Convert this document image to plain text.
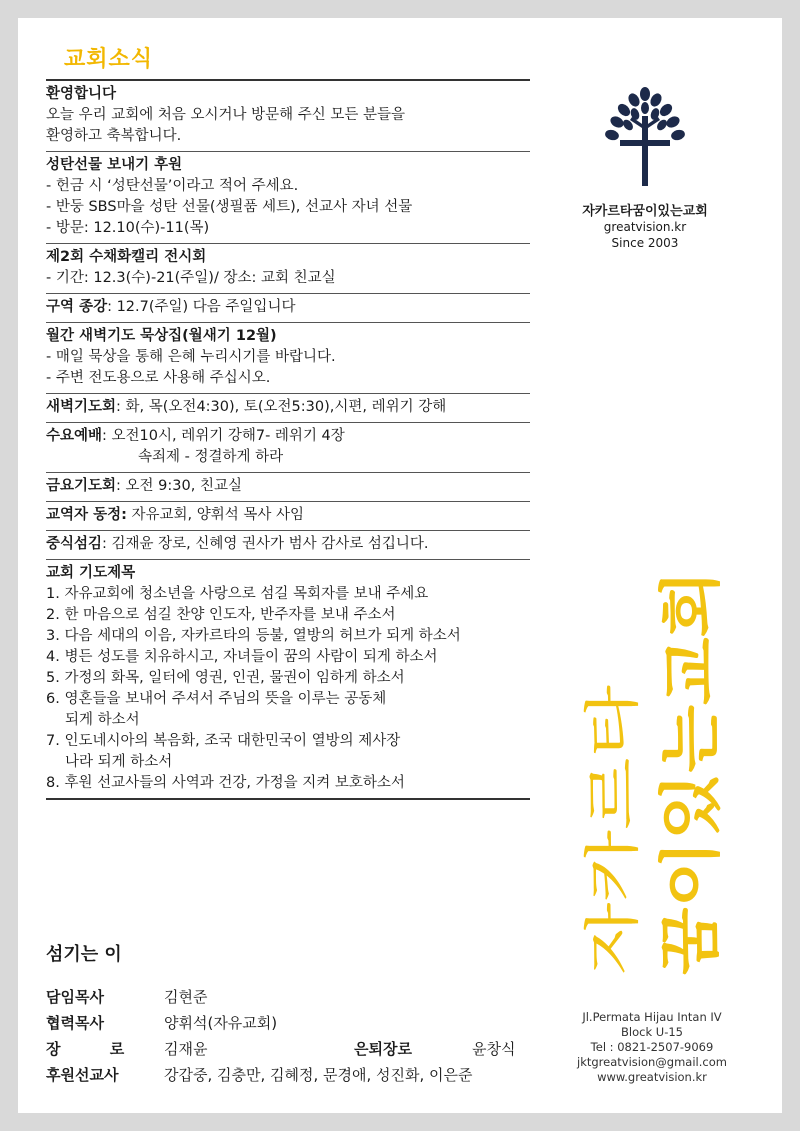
교회소식
환영합니다
오늘 우리 교회에 처음 오시거나 방문해 주신 모든 분들을
환영하고 축복합니다.
성탄선물 보내기 후원
- 헌금 시 ‘성탄선물’이라고 적어 주세요.
- 반둥 SBS마을 성탄 선물(생필품 세트), 선교사 자녀 선물
- 방문: 12.10(수)-11(목)
제2회 수채화캘리 전시회
- 기간: 12.3(수)-21(주일)/ 장소: 교회 친교실
구역 종강: 12.7(주일) 다음 주일입니다
월간 새벽기도 묵상집(월새기 12월)
- 매일 묵상을 통해 은혜 누리시기를 바랍니다.
- 주변 전도용으로 사용해 주십시오.
새벽기도회: 화, 목(오전4:30), 토(오전5:30),시편, 레위기 강해
수요예배: 오전10시, 레위기 강해7- 레위기 4장
속죄제 - 정결하게 하라
금요기도회: 오전 9:30, 친교실
교역자 동정: 자유교회, 양휘석 목사 사임
중식섬김: 김재윤 장로, 신혜영 권사가 범사 감사로 섬깁니다.
교회 기도제목
1. 자유교회에 청소년을 사랑으로 섬길 목회자를 보내 주세요
2. 한 마음으로 섬길 찬양 인도자, 반주자를 보내 주소서
3. 다음 세대의 이음, 자카르타의 등불, 열방의 허브가 되게 하소서
4. 병든 성도를 치유하시고, 자녀들이 꿈의 사람이 되게 하소서
5. 가정의 화목, 일터에 영권, 인권, 물권이 임하게 하소서
6. 영혼들을 보내어 주셔서 주님의 뜻을 이루는 공동체
되게 하소서
7. 인도네시아의 복음화, 조국 대한민국이 열방의 제사장
나라 되게 하소서
8. 후원 선교사들의 사역과 건강, 가정을 지켜 보호하소서
자카르타꿈이있는교회
greatvision.kr
Since 2003
자카르타 꿈이있는교회
섬기는 이
담임목사	김현준
협력목사	양휘석(자유교회)
장 로	김재윤	은퇴장로	윤창식
후원선교사	강갑중, 김충만, 김혜정, 문경애, 성진화, 이은준
Jl.Permata Hijau Intan IV
Block U-15
Tel : 0821-2507-9069
jktgreatvision@gmail.com
www.greatvision.kr
